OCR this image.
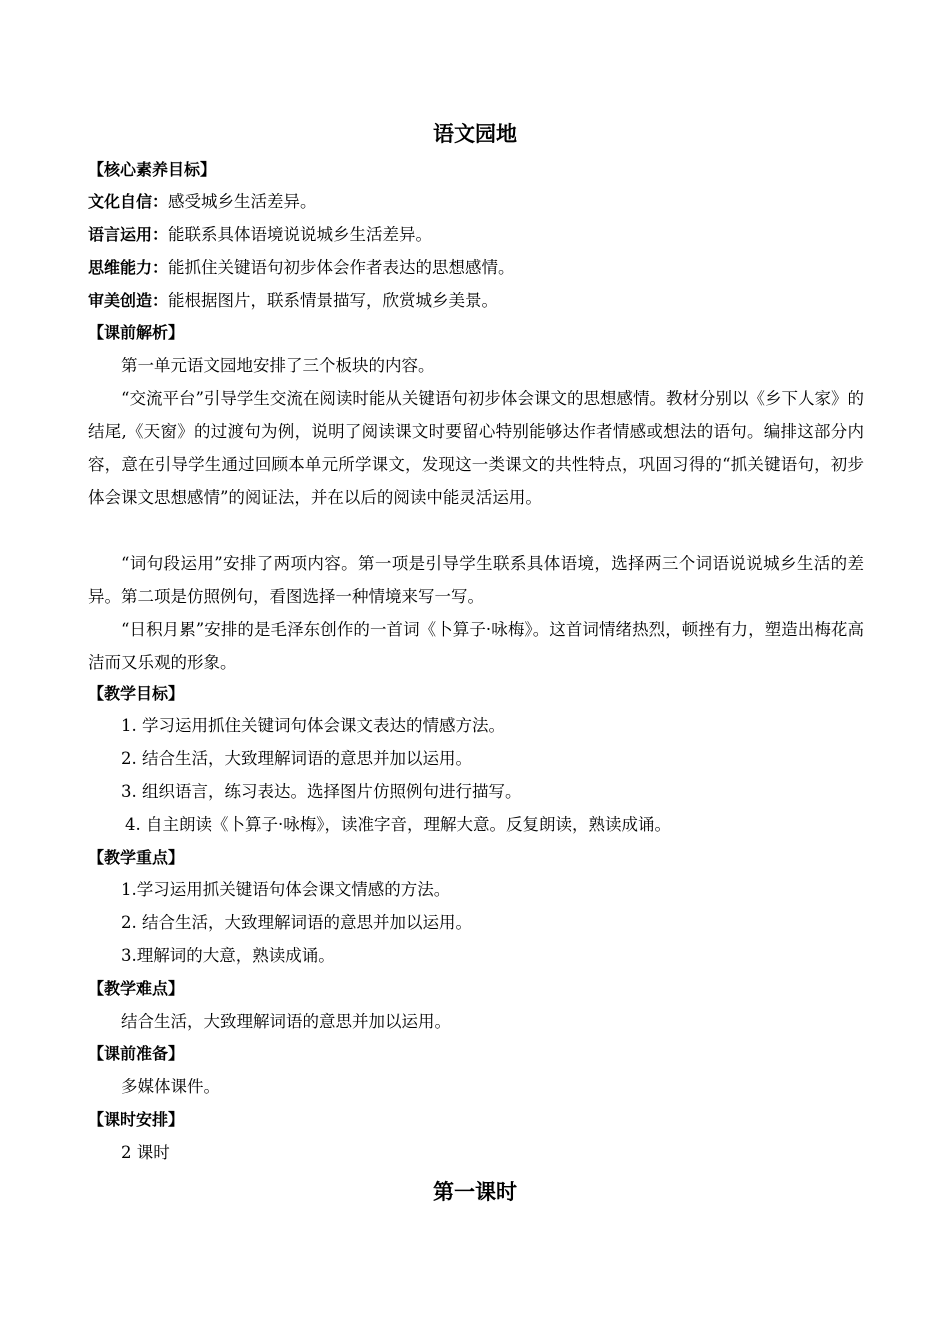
语文园地
【核心素养目标】
文化自信：感受城乡生活差异。
语言运用：能联系具体语境说说城乡生活差异。
思维能力：能抓住关键语句初步体会作者表达的思想感情。
审美创造：能根据图片，联系情景描写，欣赏城乡美景。
【课前解析】

第一单元语文园地安排了三个板块的内容。

“交流平台”引导学生交流在阅读时能从关键语句初步体会课文的思想感情。教材分别以《乡下人家》的结尾,《天窗》的过渡句为例，说明了阅读课文时要留心特别能够达作者情感或想法的语句。编排这部分内容，意在引导学生通过回顾本单元所学课文，发现这一类课文的共性特点，巩固习得的“抓关键语句，初步体会课文思想感情”的阅证法，并在以后的阅读中能灵活运用。

“词句段运用”安排了两项内容。第一项是引导学生联系具体语境，选择两三个词语说说城乡生活的差异。第二项是仿照例句，看图选择一种情境来写一写。

“日积月累”安排的是毛泽东创作的一首词《卜算子·咏梅》。这首词情绪热烈，顿挫有力，塑造出梅花高洁而又乐观的形象。

【教学目标】
1. 学习运用抓住关键词句体会课文表达的情感方法。
2. 结合生活，大致理解词语的意思并加以运用。
3. 组织语言，练习表达。选择图片仿照例句进行描写。
4. 自主朗读《卜算子·咏梅》，读准字音，理解大意。反复朗读，熟读成诵。
【教学重点】
1.学习运用抓关键语句体会课文情感的方法。
2. 结合生活，大致理解词语的意思并加以运用。
3.理解词的大意，熟读成诵。
【教学难点】
结合生活，大致理解词语的意思并加以运用。
【课前准备】
多媒体课件。
【课时安排】
2 课时
第一课时
